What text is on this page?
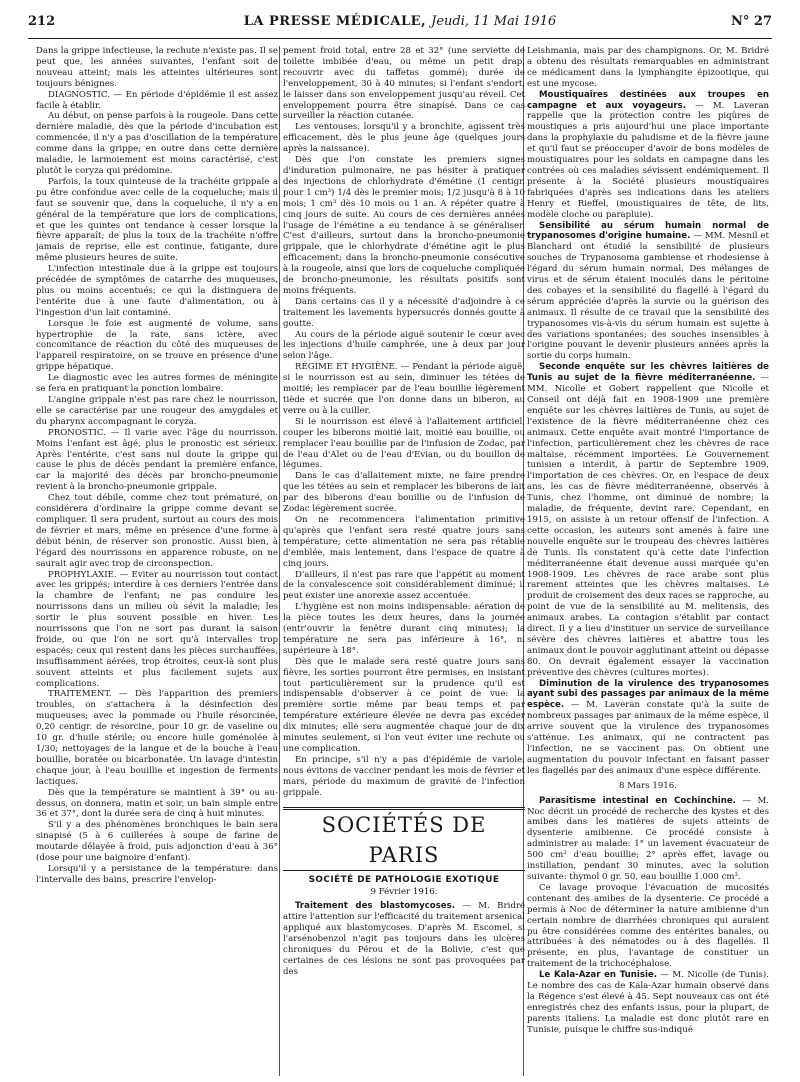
212	LA PRESSE MÉDICALE, Jeudi, 11 Mai 1916	N° 27

Dans la grippe infectieuse, la rechute n'existe pas. Il se peut que, les années suivantes, l'enfant soit de nouveau atteint; mais les atteintes ultérieures sont toujours bénignes.

DIAGNOSTIC. — En période d'épidémie il est assez facile à établir.

Au début, on pense parfois à la rougeole. Dans cette dernière maladie, dès que la période d'incubation est commencée, il n'y a pas d'oscillation de la température comme dans la grippe; en outre dans cette dernière maladie, le larmoiement est moins caractérisé, c'est plutôt le coryza qui prédomine.

Parfois, la toux quinteuse de la trachéite grippale a pu être confondue avec celle de la coqueluche; mais il faut se souvenir que, dans la coqueluche, il n'y a en général de la température que lors de complications, et que les quintes ont tendance à cesser lorsque la fièvre apparaît; de plus la toux de la trachéite n'offre jamais de reprise, elle est continue, fatigante, dure même plusieurs heures de suite.

L'infection intestinale due à la grippe est toujours précédée de symptômes de catarrhe des muqueuses, plus ou moins accentués; ce qui la distinguera de l'entérite due à une faute d'alimentation, ou à l'ingestion d'un lait contaminé.

Lorsque le foie est augmenté de volume, sans hypertrophie de la rate, sans ictère, avec concomitance de réaction du côté des muqueuses de l'appareil respiratoire, on se trouve en présence d'une grippe hépatique.

Le diagnostic avec les autres formes de méningite se fera en pratiquant la ponction lombaire.

L'angine grippale n'est pas rare chez le nourrisson, elle se caractérise par une rougeur des amygdales et du pharynx accompagnant le coryza.

PRONOSTIC. — Il varie avec l'âge du nourrisson. Moins l'enfant est âgé, plus le pronostic est sérieux. Après l'entérite, c'est sans nul doute la grippe qui cause le plus de décès pendant la première enfance, car la majorité des décès par broncho-pneumonie revient à la broncho-pneumonie grippale.

Chez tout débile, comme chez tout prématuré, on considérera d'ordinaire la grippe comme devant se compliquer. Il sera prudent, surtout au cours des mois de février et mars, même en présence d'une forme à début bénin, de réserver son pronostic. Aussi bien, à l'égard des nourrissons en apparence robuste, on ne saurait agir avec trop de circonspection.

PROPHYLAXIE. — Eviter au nourrisson tout contact avec les grippés; interdire à ces derniers l'entrée dans la chambre de l'enfant; ne pas conduire les nourrissons dans un milieu où sévit la maladie; les sortir le plus souvent possible en hiver. Les nourrissons que l'on ne sort pas durant la saison froide, ou que l'on ne sort qu'à intervalles trop espacés; ceux qui restent dans les pièces surchauffées, insuffisamment aérées, trop étroites, ceux-là sont plus souvent atteints et plus facilement sujets aux complications.

TRAITEMENT. — Dès l'apparition des premiers troubles, on s'attachera à la désinfection des muqueuses; avec la pommade ou l'huile résorcinée, 0,20 centigr. de résorcine, pour 10 gr. de vaseline ou 10 gr. d'huile stérile; ou encore huile goménolée à 1/30; nettoyages de la langue et de la bouche à l'eau bouillie, boratée ou bicarbonatée. Un lavage d'intestin chaque jour, à l'eau bouillie et ingestion de ferments lactiques.

Dès que la température se maintient à 39° ou au-dessus, on donnera, matin et soir, un bain simple entre 36 et 37°, dont la durée sera de cinq à huit minutes.

S'il y a des phénomènes bronchiques le bain sera sinapisé (5 à 6 cuillerées à soupe de farine de moutarde délayée à froid, puis adjonction d'eau à 36° (dose pour une baignoire d'enfant).

Lorsqu'il y a persistance de la température: dans l'intervalle des bains, prescrire l'envelop-

pement froid total, entre 28 et 32° (une serviette de toilette imbibée d'eau, ou même un petit drap, recouvrir avec du taffetas gommé); durée de l'enveloppement, 30 à 40 minutes; si l'enfant s'endort, le laisser dans son enveloppement jusqu'au réveil. Cet enveloppement pourra être sinapisé. Dans ce cas surveiller la réaction cutanée.

Les ventouses, lorsqu'il y a bronchite, agissent très efficacement, dès le plus jeune âge (quelques jours après la naissance).

Dès que l'on constate les premiers signes d'induration pulmonaire, ne pas hésiter à pratiquer des injections de chlorhydrate d'émétine (1 centigr. pour 1 cm³) 1/4 dès le premier mois; 1/2 jusqu'à 8 à 10 mois; 1 cm³ dès 10 mois ou 1 an. A répéter quatre à cinq jours de suite. Au cours de ces dernières années l'usage de l'émétine a eu tendance à se généraliser. C'est d'ailleurs, surtout dans la broncho-pneumonie grippale, que le chlorhydrate d'émétine agit le plus efficacement; dans la broncho-pneumonie consécutive à la rougeole, ainsi que lors de coqueluche compliquée de broncho-pneumonie, les résultats positifs sont moins fréquents.

Dans certains cas il y a nécessité d'adjoindre à ce traitement les lavements hypersucrés donnés goutte à goutte.

Au cours de la période aiguë soutenir le cœur avec les injections d'huile camphrée, une à deux par jour selon l'âge.

RÉGIME ET HYGIÈNE. — Pendant la période aiguë, si le nourrisson est au sein, diminuer les tétées de moitié; les remplacer par de l'eau bouillie légèrement tiède et sucrée que l'on donne dans un biberon, au verre ou à la cuiller.

Si le nourrisson est élevé à l'allaitement artificiel, couper les biberons moitié lait, moitié eau bouillie, ou remplacer l'eau bouillie par de l'infusion de Zodac, par de l'eau d'Alet ou de l'eau d'Evian, ou du bouillon de légumes.

Dans le cas d'allaitement mixte, ne faire prendre que les tétées au sein et remplacer les biberons de lait par des biberons d'eau bouillie ou de l'infusion de Zodac légèrement sucrée.

On ne recommencera l'alimentation primitive qu'après que l'enfant sera resté quatre jours sans température; cette alimentation ne sera pas rétablie d'emblée, mais lentement, dans l'espace de quatre à cinq jours.

D'ailleurs, il n'est pas rare que l'appétit au moment de la convalescence soit considérablement diminué; il peut exister une anorexie assez accentuée.

L'hygiène est non moins indispensable: aération de la pièce toutes les deux heures, dans la journée (entr'ouvrir la fenêtre durant cinq minutes); la température ne sera pas inférieure à 16°, ni supérieure à 18°.

Dès que le malade sera resté quatre jours sans fièvre, les sorties pourront être permises, en insistant tout particulièrement sur la prudence qu'il est indispensable d'observer à ce point de vue: la première sortie même par beau temps et par température extérieure élevée ne devra pas excéder dix minutes; elle sera augmentée chaque jour de dix minutes seulement, si l'on veut éviter une rechute ou une complication.

En principe, s'il n'y a pas d'épidémie de variole, nous évitons de vacciner pendant les mois de février et mars, période du maximum de gravité de l'infection grippale.

SOCIÉTÉS DE PARIS
SOCIÉTÉ DE PATHOLOGIE EXOTIQUE
9 Février 1916.

Traitement des blastomycoses. — M. Bridré attire l'attention sur l'efficacité du traitement arsenical appliqué aux blastomycoses. D'après M. Escomel, si l'arsénobenzol n'agit pas toujours dans les ulcères chroniques du Pérou et de la Bolivie, c'est que certaines de ces lésions ne sont pas provoquées par des

Leishmania, mais par des champignons. Or, M. Bridré a obtenu des résultats remarquables en administrant ce médicament dans la lymphangite épizootique, qui est une mycose.

Moustiquaires destinées aux troupes en campagne et aux voyageurs. — M. Laveran rappelle que la protection contre les piqûres de moustiques a pris aujourd'hui une place importante dans la prophylaxie du paludisme et de la fièvre jaune et qu'il faut se préoccuper d'avoir de bons modèles de moustiquaires pour les soldats en campagne dans les contrées où ces maladies sévissent endémiquement. Il présente à la Société plusieurs moustiquaires fabriquées d'après ses indications dans les ateliers Henry et Rieffel, (moustiquaires de tête, de lits, modèle cloche ou parapluie).

Sensibilité au sérum humain normal de trypanosomes d'origine humaine. — MM. Mesnil et Blanchard ont étudié la sensibilité de plusieurs souches de Trypanosoma gambiense et rhodesiense à l'égard du sérum humain normal. Des mélanges de virus et de sérum étaient inoculés dans le péritoine des cobayes et la sensibilité du flagellé à l'égard du sérum appréciée d'après la survie ou la guérison des animaux. Il résulte de ce travail que la sensibilité des trypanosomes vis-à-vis du sérum humain est sujette à des variations spontanées; des souches insensibles à l'origine pouvant le devenir plusieurs années après la sortie du corps humain.

Seconde enquête sur les chèvres laitières de Tunis au sujet de la fièvre méditerranéenne. — MM. Nicolle et Gobert rappellent que Nicolle et Conseil ont déjà fait en 1908-1909 une première enquête sur les chèvres laitières de Tunis, au sujet de l'existence de la fièvre méditerranéenne chez ces animaux. Cette enquête avait montré l'importance de l'infection, particulièrement chez les chèvres de race maltaise, récemment importées. Le Gouvernement tunisien a interdit, à partir de Septembre 1909, l'importation de ces chèvres. Or, en l'espace de deux ans, les cas de fièvre méditerranéenne, observés à Tunis, chez l'homme, ont diminué de nombre; la maladie, de fréquente, devint rare. Cependant, en 1915, on assiste à un retour offensif de l'infection. A cette occasion, les auteurs sont amenés à faire une nouvelle enquête sur le troupeau des chèvres laitières de Tunis. Ils constatent qu'à cette date l'infection méditerranéenne était devenue aussi marquée qu'en 1908-1909. Les chèvres de race arabe sont plus rarement atteintes que les chèvres maltaises. Le produit de croisement des deux races se rapproche, au point de vue de la sensibilité au M. melitensis, des animaux arabes. La contagion s'établit par contact direct. Il y a lieu d'instituer un service de surveillance sévère des chèvres laitières et abattre tous les animaux dont le pouvoir agglutinant atteint ou dépasse 80. On devrait également essayer la vaccination préventive des chèvres (cultures mortes).

Diminution de la virulence des trypanosomes ayant subi des passages par animaux de la même espèce. — M. Laveran constate qu'à la suite de nombreux passages par animaux de la même espèce, il arrive souvent que la virulence des trypanosomes s'atténue. Les animaux, qui ne contractent pas l'infection, ne se vaccinent pas. On obtient une augmentation du pouvoir infectant en faisant passer les flagellés par des animaux d'une espèce différente.

8 Mars 1916.

Parasitisme intestinal en Cochinchine. — M. Noc décrit un procédé de recherche des kystes et des amibes dans les matières de sujets atteints de dysenterie amibienne. Ce procédé consiste à administrer au malade: 1° un lavement évacuateur de 500 cm³ d'eau bouillie; 2° après effet, lavage ou instillation, pendant 30 minutes, avec la solution suivante: thymol 0 gr. 50, eau bouillie 1.000 cm³.

Ce lavage provoque l'évacuation de mucosités contenant des amibes de la dysenterie. Ce procédé a permis à Noc de déterminer la nature amibienne d'un certain nombre de diarrhées chroniques qui auraient pu être considérées comme des entérites banales, ou attribuées à des nématodes ou à des flagellés. Il présente, en plus, l'avantage de constituer un traitement de la trichocéphalose.

Le Kala-Azar en Tunisie. — M. Nicolle (de Tunis). Le nombre des cas de Kala-Azar humain observé dans la Régence s'est élevé à 45. Sept nouveaux cas ont été enregistrés chez des enfants issus, pour la plupart, de parents italiens. La maladie est donc plutôt rare en Tunisie, puisque le chiffre sus-indiqué
